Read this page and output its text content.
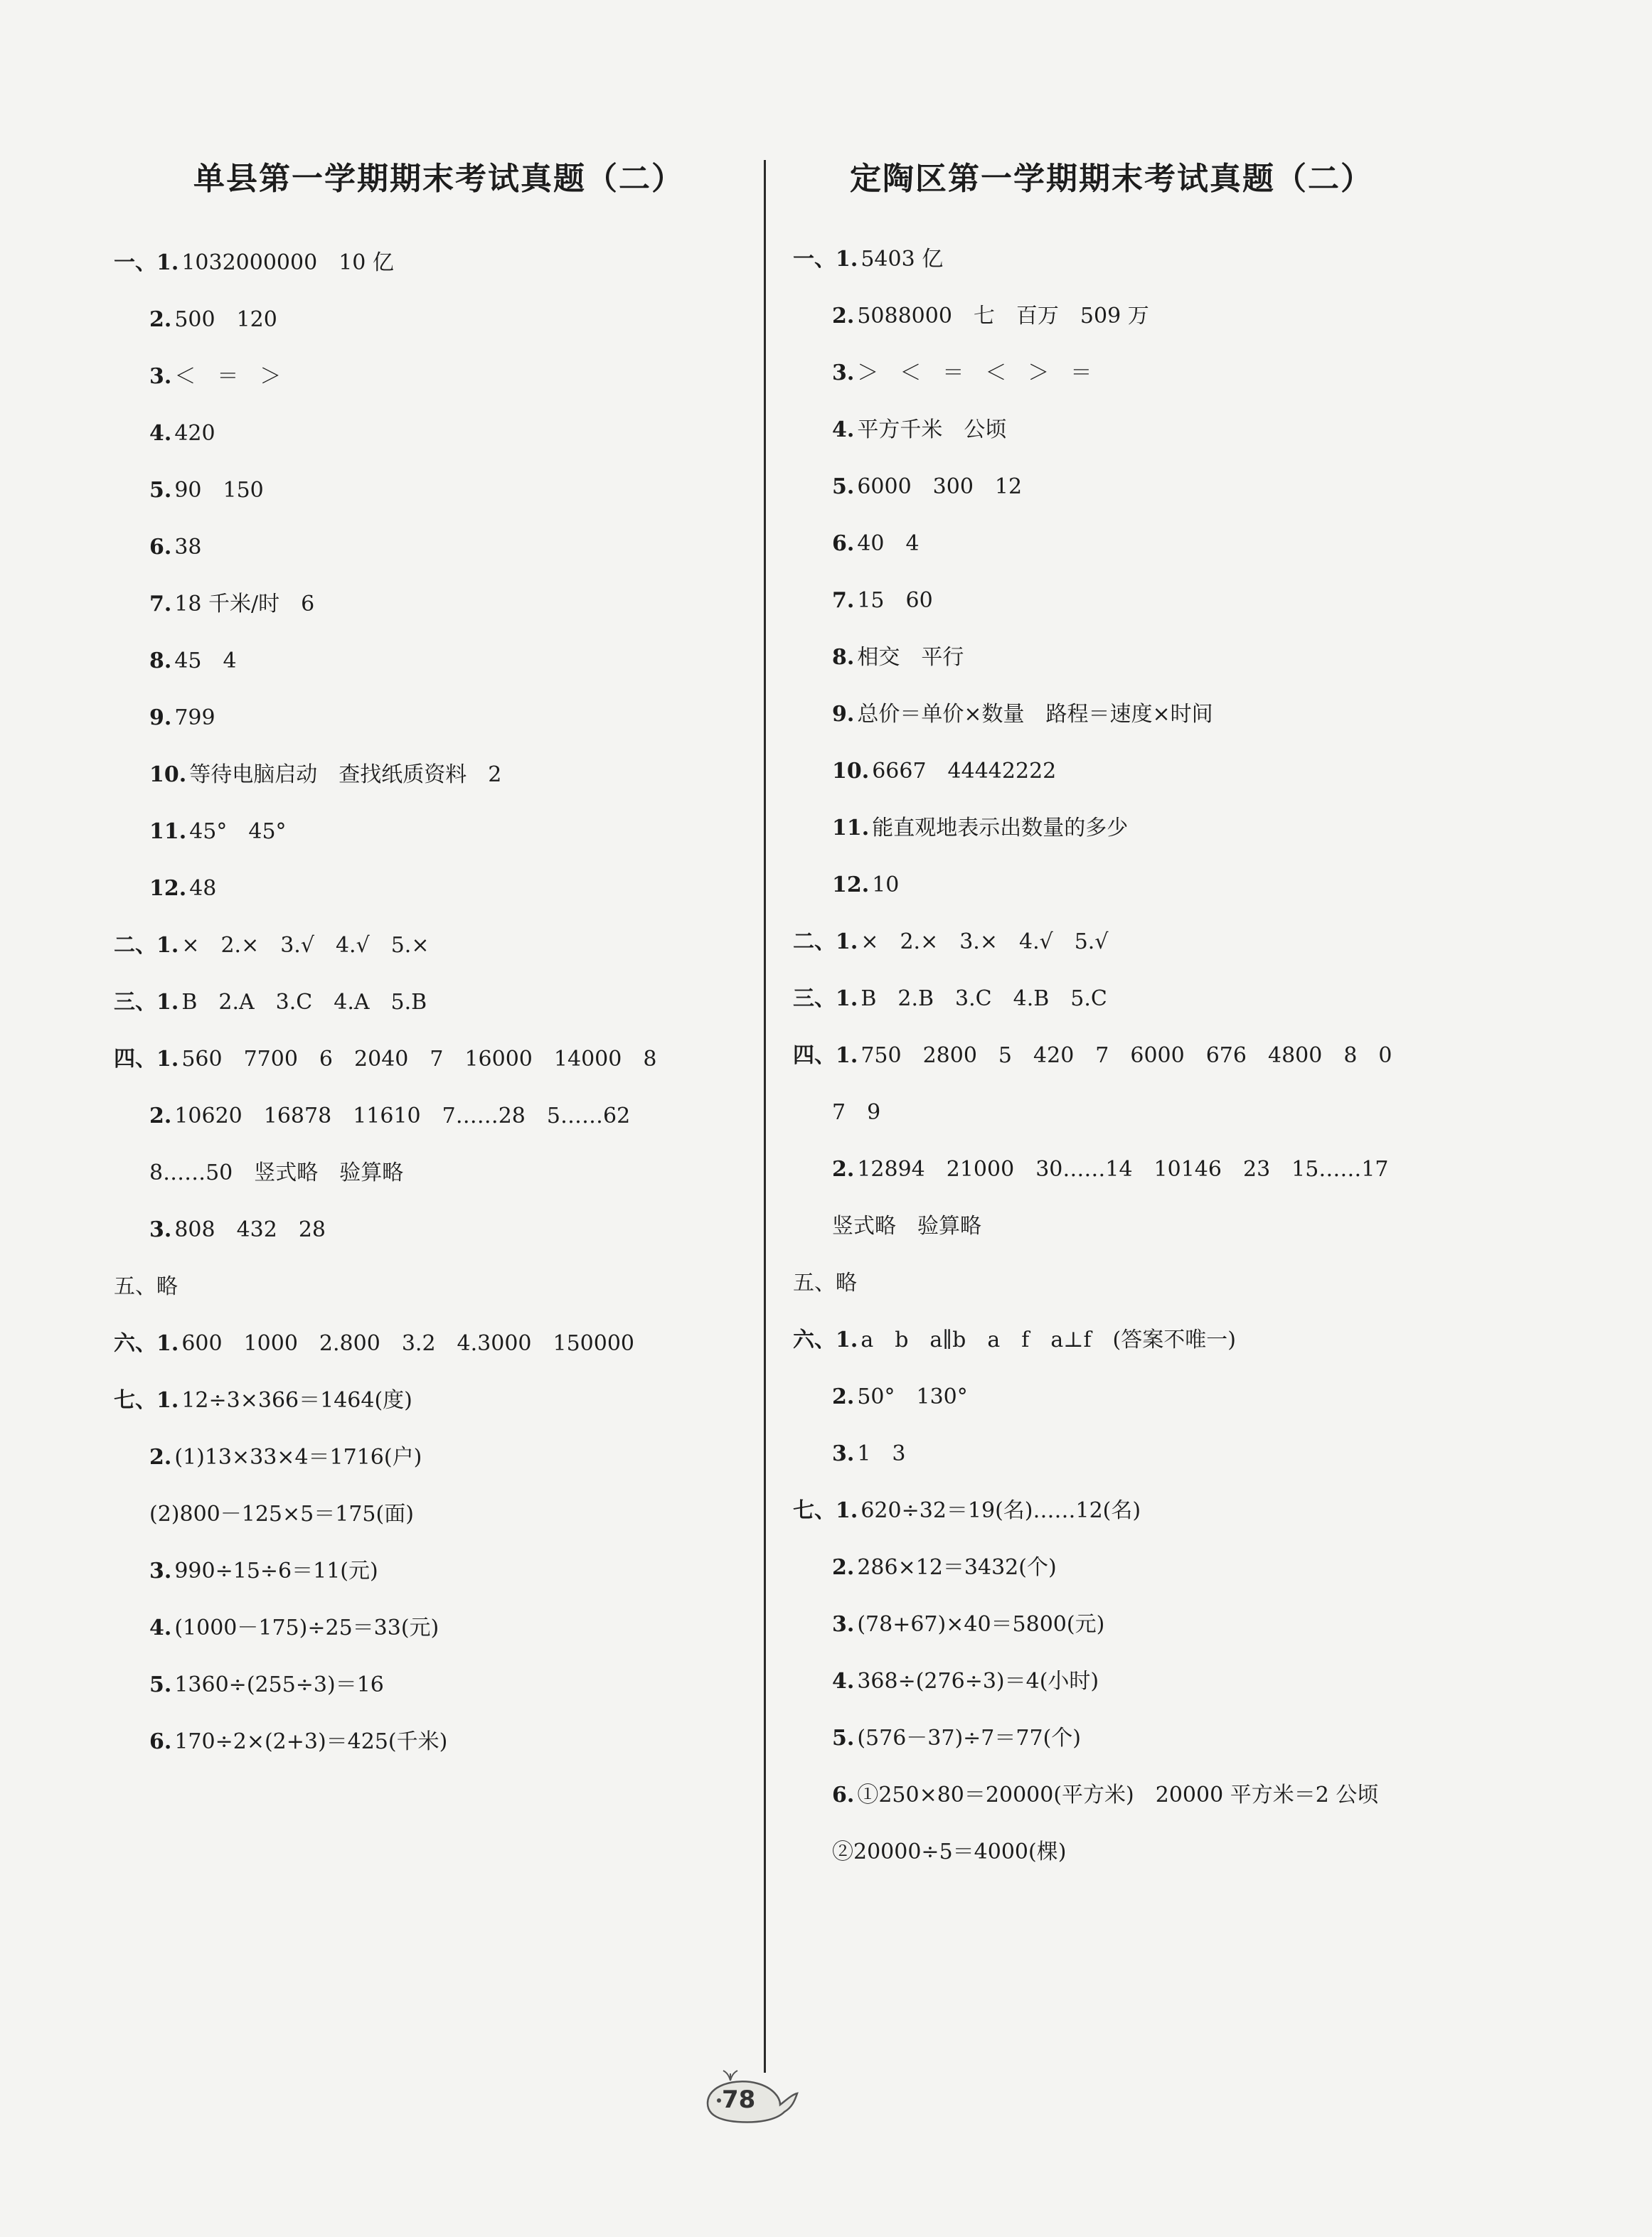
单县第一学期期末考试真题（二）
一、1. 1032000000　10 亿
2. 500　120
3. ＜　＝　＞
4. 420
5. 90　150
6. 38
7. 18 千米/时　6
8. 45　4
9. 799
10. 等待电脑启动　查找纸质资料　2
11. 45°　45°
12. 48
二、1. ×　2.×　3.√　4.√　5.×
三、1. B　2.A　3.C　4.A　5.B
四、1. 560　7700　6　2040　7　16000　14000　8
2. 10620　16878　11610　7……28　5……62
8……50　竖式略　验算略
3. 808　432　28
五、略
六、1. 600　1000　2.800　3.2　4.3000　150000
七、1. 12÷3×366＝1464(度)
2. (1)13×33×4＝1716(户)
(2)800－125×5＝175(面)
3. 990÷15÷6＝11(元)
4. (1000－175)÷25＝33(元)
5. 1360÷(255÷3)＝16
6. 170÷2×(2+3)＝425(千米)
定陶区第一学期期末考试真题（二）
一、1. 5403 亿
2. 5088000　七　百万　509 万
3. ＞　＜　＝　＜　＞　＝
4. 平方千米　公顷
5. 6000　300　12
6. 40　4
7. 15　60
8. 相交　平行
9. 总价＝单价×数量　路程＝速度×时间
10. 6667　44442222
11. 能直观地表示出数量的多少
12. 10
二、1. ×　2.×　3.×　4.√　5.√
三、1. B　2.B　3.C　4.B　5.C
四、1. 750　2800　5　420　7　6000　676　4800　8　0
7　9
2. 12894　21000　30……14　10146　23　15……17
竖式略　验算略
五、略
六、1. a　b　a∥b　a　f　a⊥f　(答案不唯一)
2. 50°　130°
3. 1　3
七、1. 620÷32＝19(名)……12(名)
2. 286×12＝3432(个)
3. (78+67)×40＝5800(元)
4. 368÷(276÷3)＝4(小时)
5. (576－37)÷7＝77(个)
6. ①250×80＝20000(平方米)　20000 平方米＝2 公顷
②20000÷5＝4000(棵)
78
